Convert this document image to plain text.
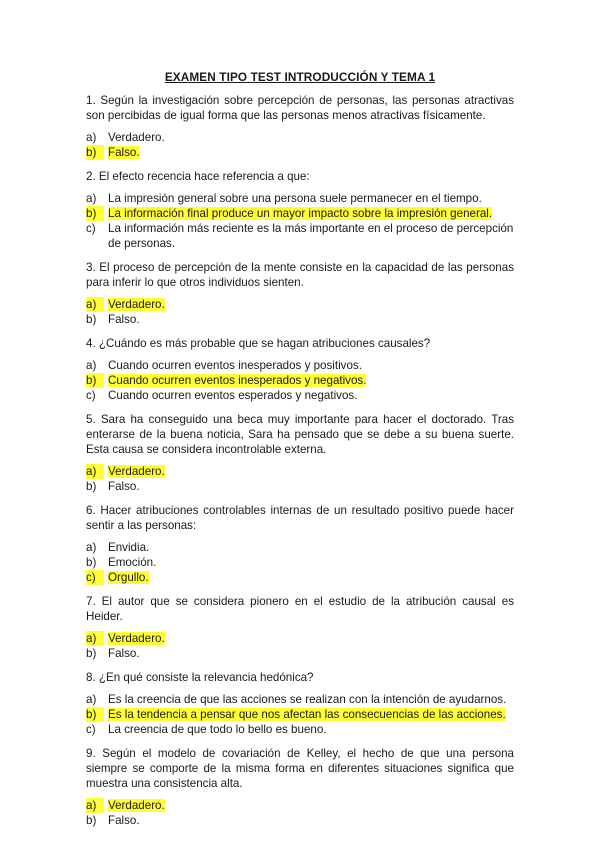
EXAMEN TIPO TEST INTRODUCCIÓN Y TEMA 1

1. Según la investigación sobre percepción de personas, las personas atractivas son percibidas de igual forma que las personas menos atractivas físicamente.

a) Verdadero.
b)	Falso.

2. El efecto recencia hace referencia a que:

a) La impresión general sobre una persona suele permanecer en el tiempo.
b)	La información final produce un mayor impacto sobre la impresión general.
c) La información más reciente es la más importante en el proceso de percepción de personas.

3. El proceso de percepción de la mente consiste en la capacidad de las personas para inferir lo que otros individuos sienten.

a)	Verdadero.
b) Falso.

4. ¿Cuándo es más probable que se hagan atribuciones causales?

a) Cuando ocurren eventos inesperados y positivos.
b)	Cuando ocurren eventos inesperados y negativos.
c) Cuando ocurren eventos esperados y negativos.

5. Sara ha conseguido una beca muy importante para hacer el doctorado. Tras enterarse de la buena noticia, Sara ha pensado que se debe a su buena suerte. Esta causa se considera incontrolable externa.

a)	Verdadero.
b) Falso.

6. Hacer atribuciones controlables internas de un resultado positivo puede hacer sentir a las personas:

a) Envidia.
b) Emoción.
c)	Orgullo.

7. El autor que se considera pionero en el estudio de la atribución causal es Heider.

a)	Verdadero.
b) Falso.

8. ¿En qué consiste la relevancia hedónica?

a) Es la creencia de que las acciones se realizan con la intención de ayudarnos.
b)	Es la tendencia a pensar que nos afectan las consecuencias de las acciones.
c) La creencia de que todo lo bello es bueno.

9. Según el modelo de covariación de Kelley, el hecho de que una persona siempre se comporte de la misma forma en diferentes situaciones significa que muestra una consistencia alta.

a)	Verdadero.
b) Falso.
